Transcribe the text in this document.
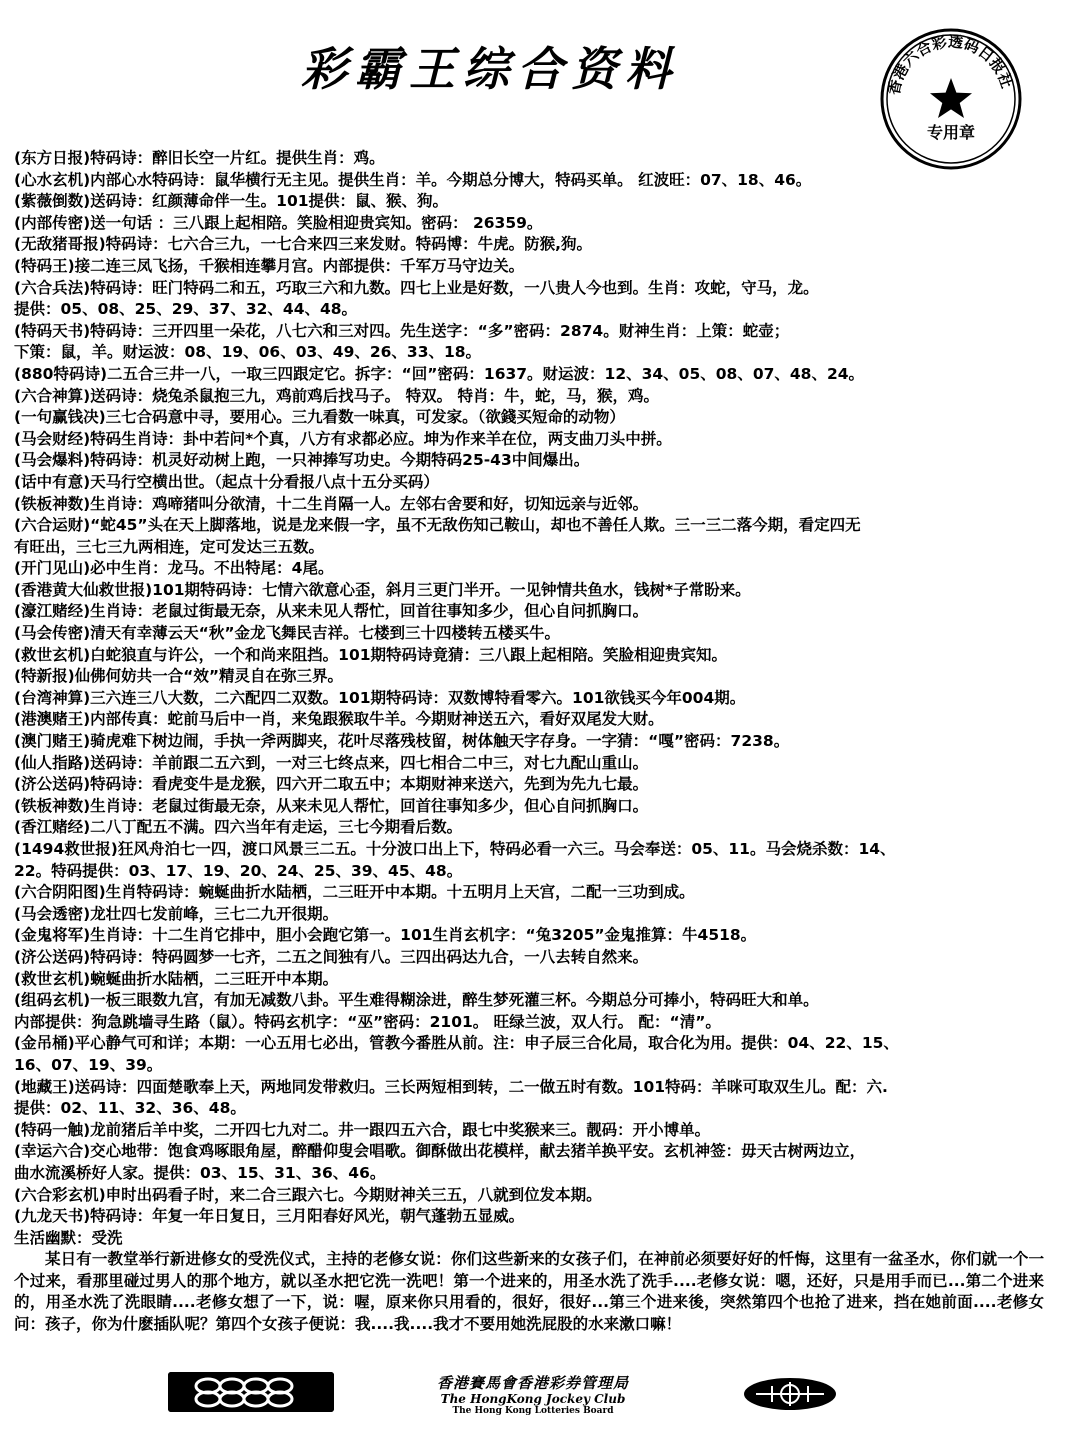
彩霸王综合资料	香港六合彩透码日报社
专用章
(东方日报)特码诗：醉旧长空一片红。提供生肖：鸡。
(心水玄机)内部心水特码诗：鼠华横行无主见。提供生肖：羊。今期总分博大，特码买单。 红波旺：07、18、46。
(紫薇倒数)送码诗：红颜薄命伴一生。101提供：鼠、猴、狗。
(内部传密)送一句话 ：三八跟上起相陪。笑脸相迎贵宾知。密码： 26359。
(无敌猪哥报)特码诗：七六合三九，一七合来四三来发财。特码博：牛虎。防猴,狗。
(特码王)接二连三凤飞扬，千猴相连攀月宫。内部提供：千军万马守边关。
(六合兵法)特码诗：旺门特码二和五，巧取三六和九数。四七上业是好数，一八贵人今也到。生肖：攻蛇，守马，龙。
提供：05、08、25、29、37、32、44、48。
(特码天书)特码诗：三开四里一朵花，八七六和三对四。先生送字：“多”密码：2874。财神生肖：上策：蛇壶；
下策：鼠，羊。财运波：08、19、06、03、49、26、33、18。
(880特码诗)二五合三井一八，一取三四跟定它。拆字：“回”密码：1637。财运波：12、34、05、08、07、48、24。
(六合神算)送码诗：烧兔杀鼠抱三九，鸡前鸡后找马子。 特双。 特肖：牛，蛇，马，猴，鸡。
(一句赢钱决)三七合码意中寻，要用心。三九看数一味真，可发家。（欲錢买短命的动物）
(马会财经)特码生肖诗：卦中若问*个真，八方有求都必应。坤为作来羊在位，两支曲刀头中拼。
(马会爆料)特码诗：机灵好动树上跑，一只神捧写功史。今期特码25-43中间爆出。
(话中有意)天马行空横出世。（起点十分看报八点十五分买码）
(铁板神数)生肖诗：鸡啼猪叫分欲清，十二生肖隔一人。左邻右舍要和好，切知远亲与近邻。
(六合运财)“蛇45”头在天上脚落地，说是龙来假一字，虽不无敌伤知己鞍山，却也不善任人欺。三一三二落今期，看定四无
有旺出，三七三九两相连，定可发达三五数。
(开门见山)必中生肖：龙马。不出特尾：4尾。
(香港黄大仙救世报)101期特码诗：七情六欲意心歪，斜月三更门半开。一见钟情共鱼水，钱树*子常盼来。
(濠江赌经)生肖诗：老鼠过街最无奈，从来未见人帮忙，回首往事知多少，但心自问抓胸口。
(马会传密)清天有幸薄云天“秋”金龙飞舞民吉祥。七楼到三十四楼转五楼买牛。
(救世玄机)白蛇狼直与许公，一个和尚来阻挡。101期特码诗竟猜：三八跟上起相陪。笑脸相迎贵宾知。
(特新报)仙佛何妨共一合“效”精灵自在弥三界。
(台湾神算)三六连三八大数，二六配四二双数。101期特码诗：双数博特看零六。101欲钱买今年004期。
(港澳赌王)内部传真：蛇前马后中一肖，来兔跟猴取牛羊。今期财神送五六，看好双尾发大财。
(澳门赌王)骑虎难下树边闹，手执一斧两脚夹，花叶尽落残枝留，树体触天字存身。一字猜：“嘎”密码：7238。
(仙人指路)送码诗：羊前跟二五六到，一对三七终点来，四七相合二中三，对七九配山重山。
(济公送码)特码诗：看虎变牛是龙猴，四六开二取五中；本期财神来送六，先到为先九七最。
(铁板神数)生肖诗：老鼠过街最无奈，从来未见人帮忙，回首往事知多少，但心自问抓胸口。
(香江赌经)二八丁配五不满。四六当年有走运，三七今期看后数。
(1494救世报)狂风舟泊七一四，渡口风景三二五。十分波口出上下，特码必看一六三。马会奉送：05、11。马会烧杀数：14、
22。特码提供：03、17、19、20、24、25、39、45、48。
(六合阴阳图)生肖特码诗：蜿蜒曲折水陆栖，二三旺开中本期。十五明月上天宫，二配一三功到成。
(马会透密)龙壮四七发前峰，三七二九开很期。
(金鬼将军)生肖诗：十二生肖它排中，胆小会跑它第一。101生肖玄机字：“兔3205”金鬼推算：牛4518。
(济公送码)特码诗：特码圆梦一七齐，二五之间独有八。三四出码达九合，一八去转自然来。
(救世玄机)蜿蜒曲折水陆栖，二三旺开中本期。
(组码玄机)一板三眼数九宫，有加无减数八卦。平生难得糊涂进，醉生梦死灌三杯。今期总分可捧小，特码旺大和单。
内部提供：狗急跳墙寻生路（鼠）。特码玄机字：“巫”密码：2101。 旺绿兰波，双人行。 配：“清”。
(金吊桶)平心静气可和详；本期：一心五用七必出，管教今番胜从前。注：申子辰三合化局，取合化为用。提供：04、22、15、
16、07、19、39。
(地藏王)送码诗：四面楚歌奉上天，两地同发带救归。三长两短相到转，二一做五时有数。101特码：羊咪可取双生儿。配：六.
提供：02、11、32、36、48。
(特码一触)龙前猪后羊中奖，二开四七九对二。井一跟四五六合，跟七中奖猴来三。靓码：开小博单。
(幸运六合)交心地带：饱食鸡啄眼角屋，醉醋仰叟会唱歌。御酥做出花模样，献去猪羊换平安。玄机神签：毋天古树两边立，
曲水流溪桥好人家。提供：03、15、31、36、46。
(六合彩玄机)申时出码看子时，来二合三跟六七。今期财神关三五，八就到位发本期。
(九龙天书)特码诗：年复一年日复日，三月阳春好风光，朝气蓬勃五显威。
生活幽默：受洗
某日有一教堂举行新进修女的受洗仪式，主持的老修女说：你们这些新来的女孩子们，在神前必须要好好的忏悔，这里有一盆圣水，你们就一个一个过来，看那里碰过男人的那个地方，就以圣水把它洗一洗吧！第一个进来的，用圣水洗了洗手....老修女说：嗯，还好，只是用手而已...第二个进来的，用圣水洗了洗眼睛....老修女想了一下，说：喔，原来你只用看的，很好，很好...第三个进来後，突然第四个也抢了进来，挡在她前面....老修女问：孩子，你为什麽插队呢？第四个女孩子便说：我....我....我才不要用她洗屁股的水来漱口嘛！
香港賽馬會香港彩券管理局
The HongKong Jockey Club
The Hong Kong Lotteries Board
